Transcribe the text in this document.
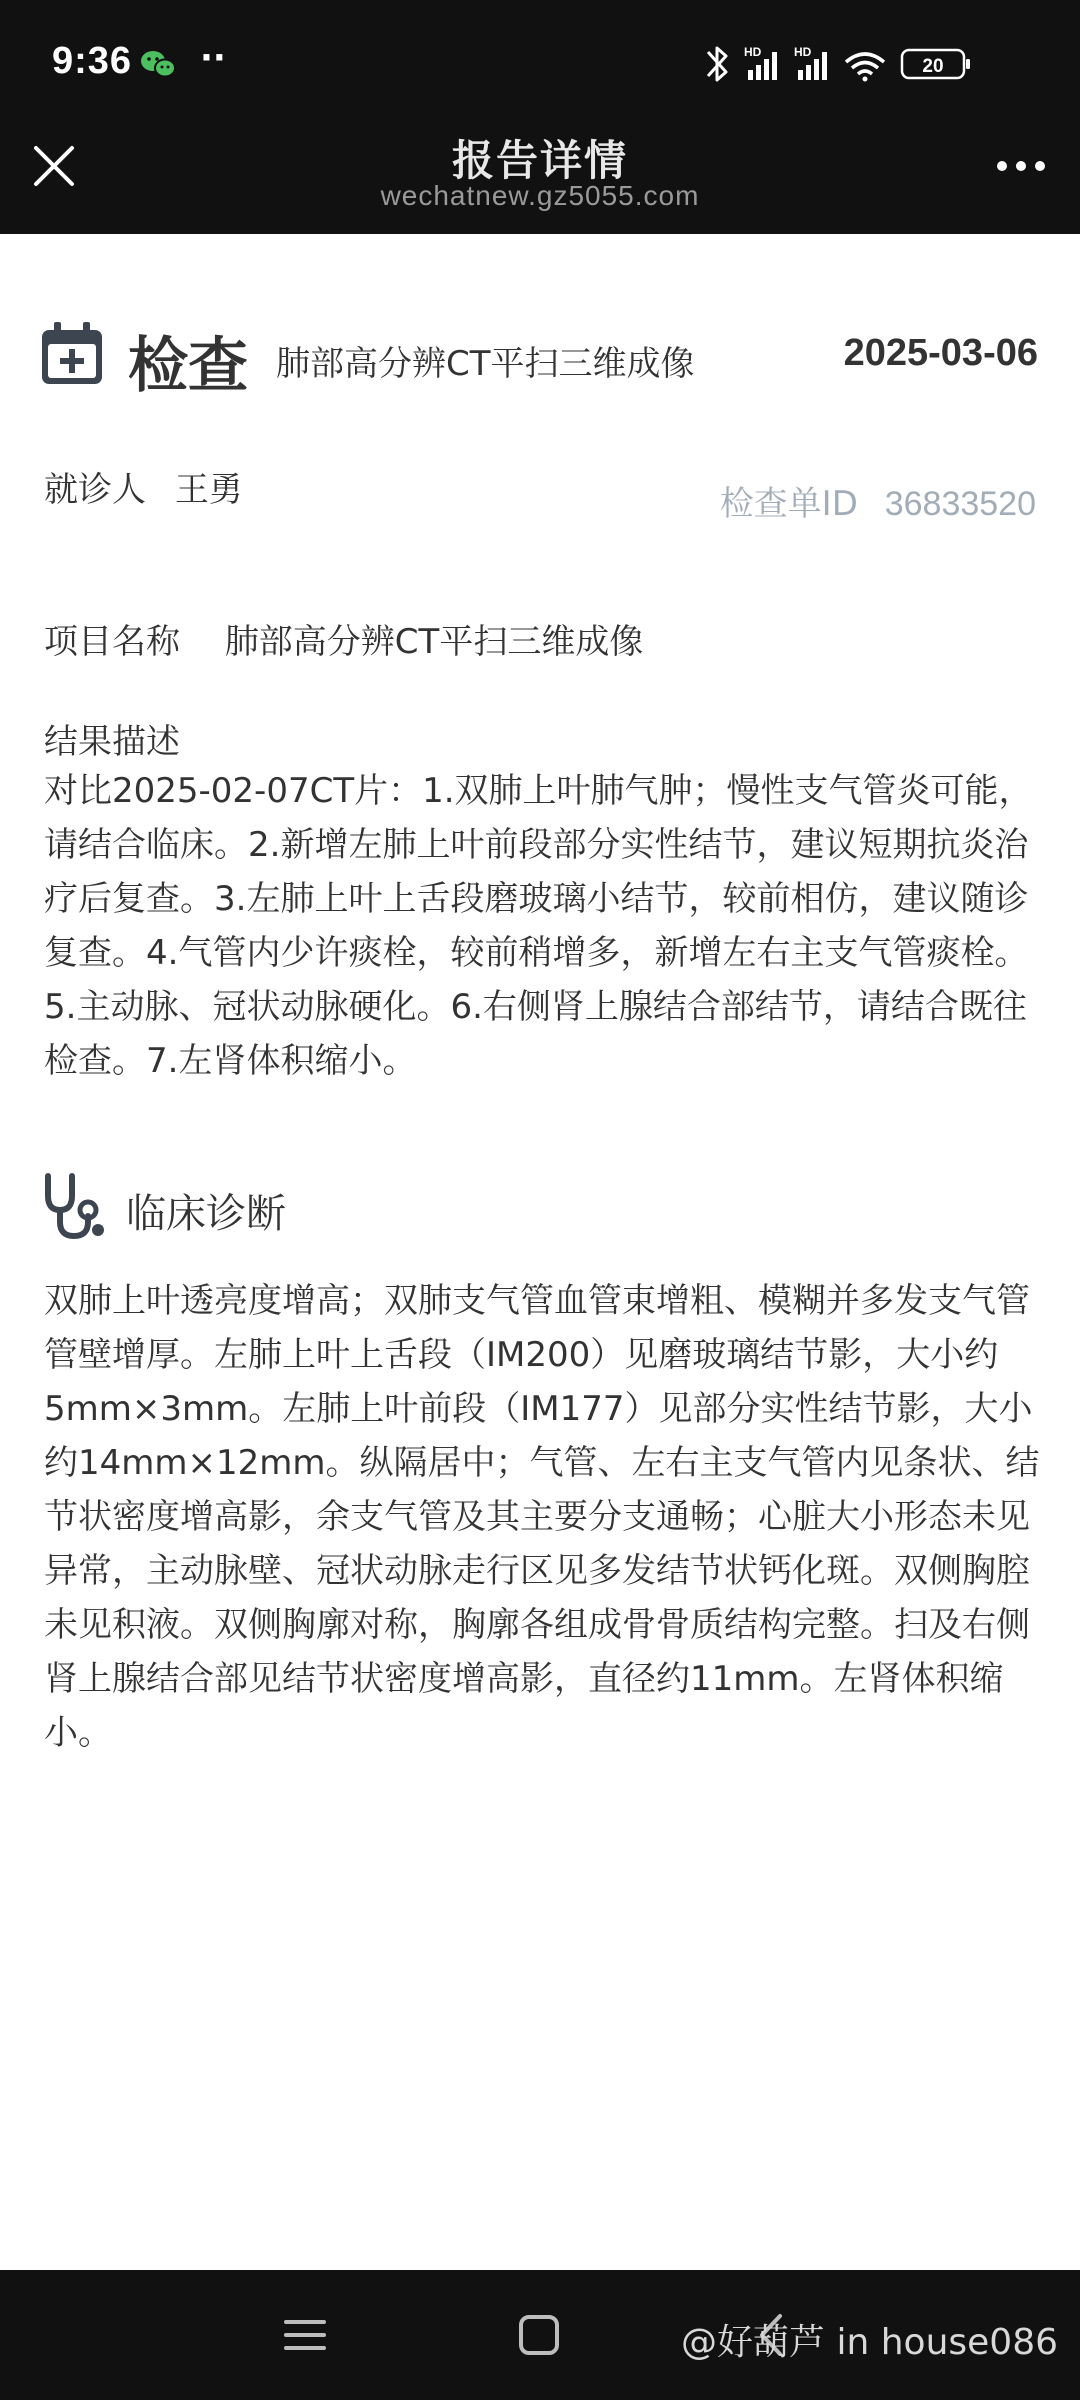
9:36 ··	HD	HD
20
报告详情
wechatnew.gz5055.com
检查 肺部高分辨CT平扫三维成像	2025-03-06
就诊人 王勇	检查单ID 36833520
项目名称 肺部高分辨CT平扫三维成像
结果描述
对比2025-02-07CT片：1.双肺上叶肺气肿；慢性支气管炎可能，请结合临床。2.新增左肺上叶前段部分实性结节，建议短期抗炎治疗后复查。3.左肺上叶上舌段磨玻璃小结节，较前相仿，建议随诊复查。4.气管内少许痰栓，较前稍增多，新增左右主支气管痰栓。5.主动脉、冠状动脉硬化。6.右侧肾上腺结合部结节，请结合既往检查。7.左肾体积缩小。
临床诊断
双肺上叶透亮度增高；双肺支气管血管束增粗、模糊并多发支气管管壁增厚。左肺上叶上舌段（IM200）见磨玻璃结节影，大小约5mm×3mm。左肺上叶前段（IM177）见部分实性结节影，大小约14mm×12mm。纵隔居中；气管、左右主支气管内见条状、结节状密度增高影，余支气管及其主要分支通畅；心脏大小形态未见异常，主动脉壁、冠状动脉走行区见多发结节状钙化斑。双侧胸腔未见积液。双侧胸廓对称，胸廓各组成骨骨质结构完整。扫及右侧肾上腺结合部见结节状密度增高影，直径约11mm。左肾体积缩小。
@好葫芦 in house086
